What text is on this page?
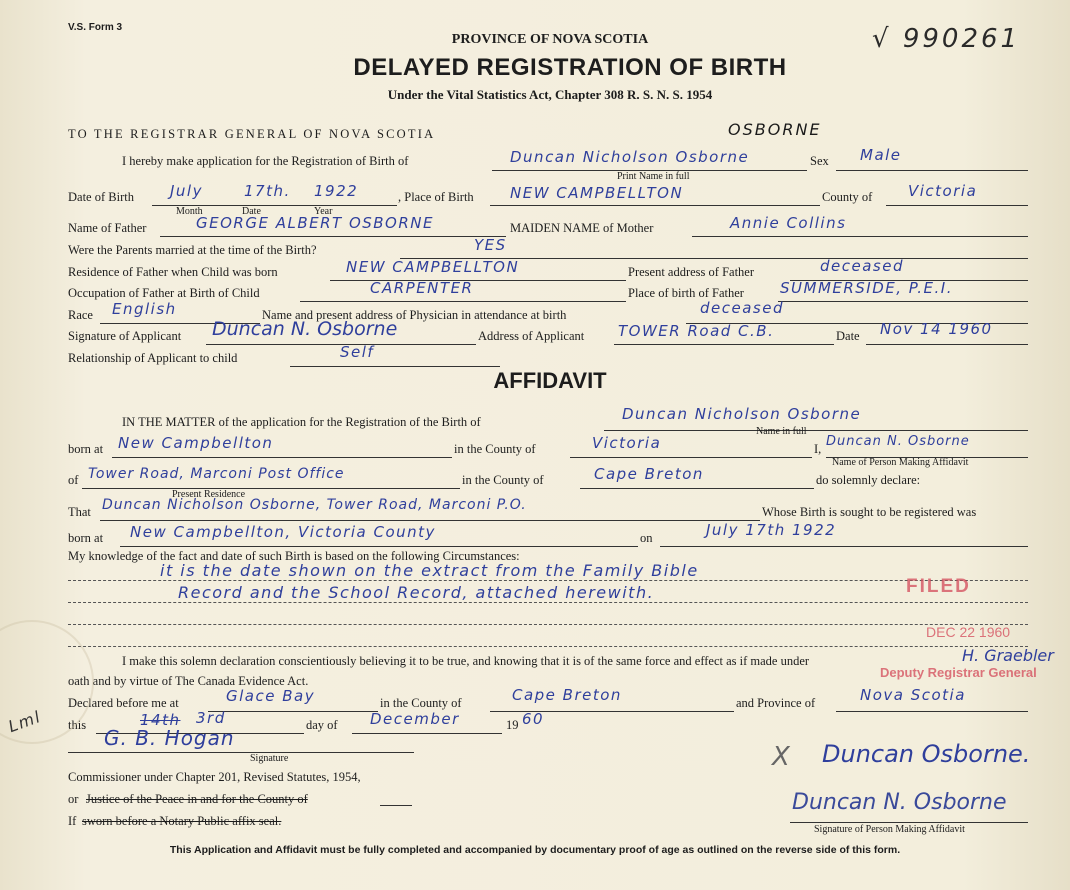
V.S. Form 3	√ 990261
PROVINCE OF NOVA SCOTIA
DELAYED REGISTRATION OF BIRTH
Under the Vital Statistics Act, Chapter 308 R. S. N. S. 1954
TO THE REGISTRAR GENERAL OF NOVA SCOTIA	OSBORNE
I hereby make application for the Registration of Birth of	Duncan Nicholson Osborne	Sex Male
Print Name in full
Date of Birth July	17th. 1922
Month	Date	Year
, Place of Birth NEW CAMPBELLTON	County of Victoria
Name of Father	GEORGE ALBERT OSBORNE	MAIDEN NAME of Mother	Annie Collins
Were the Parents married at the time of the Birth?	YES
Residence of Father when Child was born	NEW CAMPBELLTON	Present address of Father	deceased
Occupation of Father at Birth of Child	CARPENTER	Place of birth of Father SUMMERSIDE, P.E.I.
Race English	Name and present address of Physician in attendance at birth	deceased
Signature of Applicant Duncan N. Osborne	Address of Applicant TOWER Road C.B.	Date Nov 14 1960
Relationship of Applicant to child	Self
AFFIDAVIT
IN THE MATTER of the application for the Registration of the Birth of	Duncan Nicholson Osborne
Name in full
born at New Campbellton	in the County of	Victoria	I, Duncan N. Osborne
Name of Person Making Affidavit
of Tower Road, Marconi Post Office	in the County of	Cape Breton	do solemnly declare:
Present Residence
That Duncan Nicholson Osborne, Tower Road, Marconi P.O.	Whose Birth is sought to be registered was
born at New Campbellton, Victoria County	on	July 17th 1922
My knowledge of the fact and date of such Birth is based on the following Circumstances:
it is the date shown on the extract from the Family Bible
Record and the School Record, attached herewith.
I make this solemn declaration conscientiously believing it to be true, and knowing that it is of the same force and effect as if made under
oath and by virtue of The Canada Evidence Act.
Declared before me at	Glace Bay	in the County of	Cape Breton	and Province of	Nova Scotia
this	14th 3rd	day of December	19 60
G. B. Hogan
Signature
Commissioner under Chapter 201, Revised Statutes, 1954,
or Justice of the Peace in and for the County of
If sworn before a Notary Public affix seal.
X Duncan Osborne.
Duncan N. Osborne
Signature of Person Making Affidavit
Lml
FILED
DEC 22 1960
H. Graebler
Deputy Registrar General
This Application and Affidavit must be fully completed and accompanied by documentary proof of age as outlined on the reverse side of this form.
